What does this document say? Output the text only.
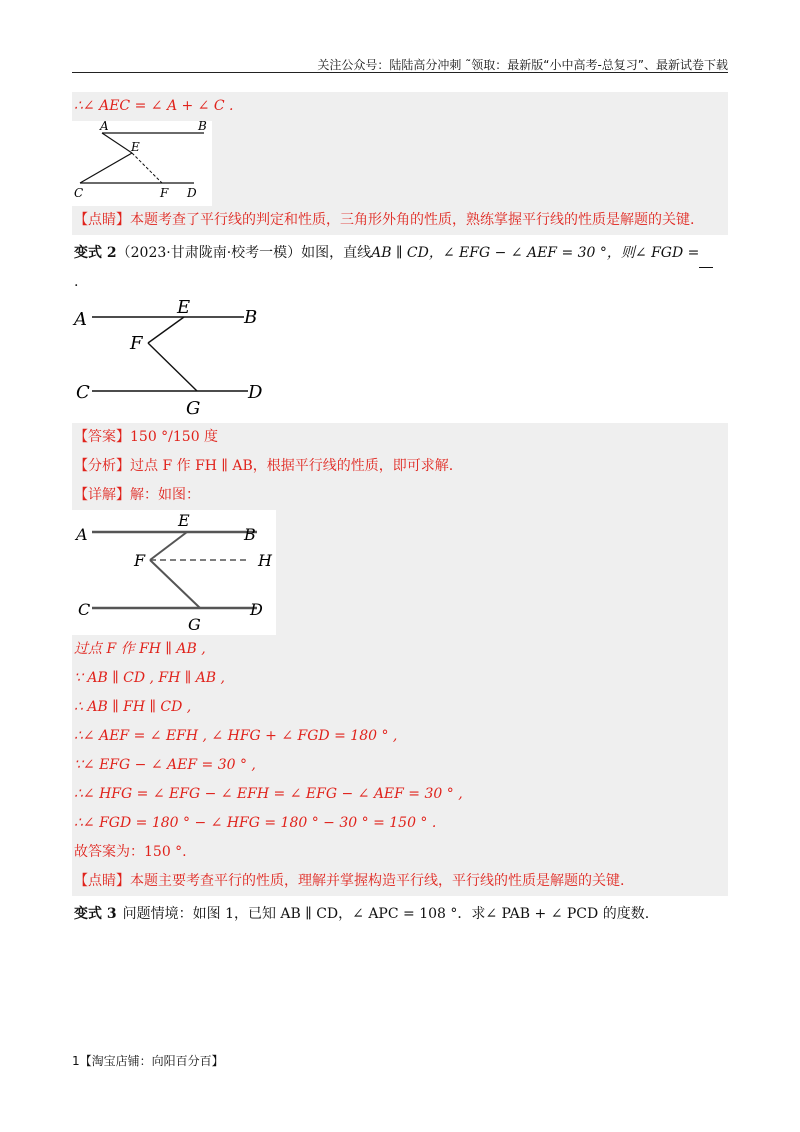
关注公众号：陆陆高分冲刺 ˜领取：最新版“小中高考-总复习”、最新试卷下载
∴∠ AEC = ∠ A + ∠ C .
A	B
E
C	F D
【点睛】本题考查了平行线的判定和性质，三角形外角的性质，熟练掌握平行线的性质是解题的关键.
变式 2（2023·甘肃陇南·校考一模）如图，直线AB ∥ CD，∠ EFG − ∠ AEF = 30 °，则∠ FGD =
.
A
E	B
F
C
G
D
【答案】150 °/150 度
【分析】过点 F 作 FH ∥ AB，根据平行线的性质，即可求解.
【详解】解：如图：
A
E
B
F	H
C
G
D
过点 F 作 FH ∥ AB ,
∵ AB ∥ CD , FH ∥ AB ,
∴ AB ∥ FH ∥ CD ,
∴∠ AEF = ∠ EFH , ∠ HFG + ∠ FGD = 180 ° ,
∵∠ EFG − ∠ AEF = 30 ° ,
∴∠ HFG = ∠ EFG − ∠ EFH = ∠ EFG − ∠ AEF = 30 ° ,
∴∠ FGD = 180 ° − ∠ HFG = 180 ° − 30 ° = 150 ° .
故答案为：150 °.
【点睛】本题主要考查平行的性质，理解并掌握构造平行线，平行线的性质是解题的关键.
变式 3 问题情境：如图 1，已知 AB ∥ CD，∠ APC = 108 °．求∠ PAB + ∠ PCD 的度数.
1【淘宝店铺：向阳百分百】
